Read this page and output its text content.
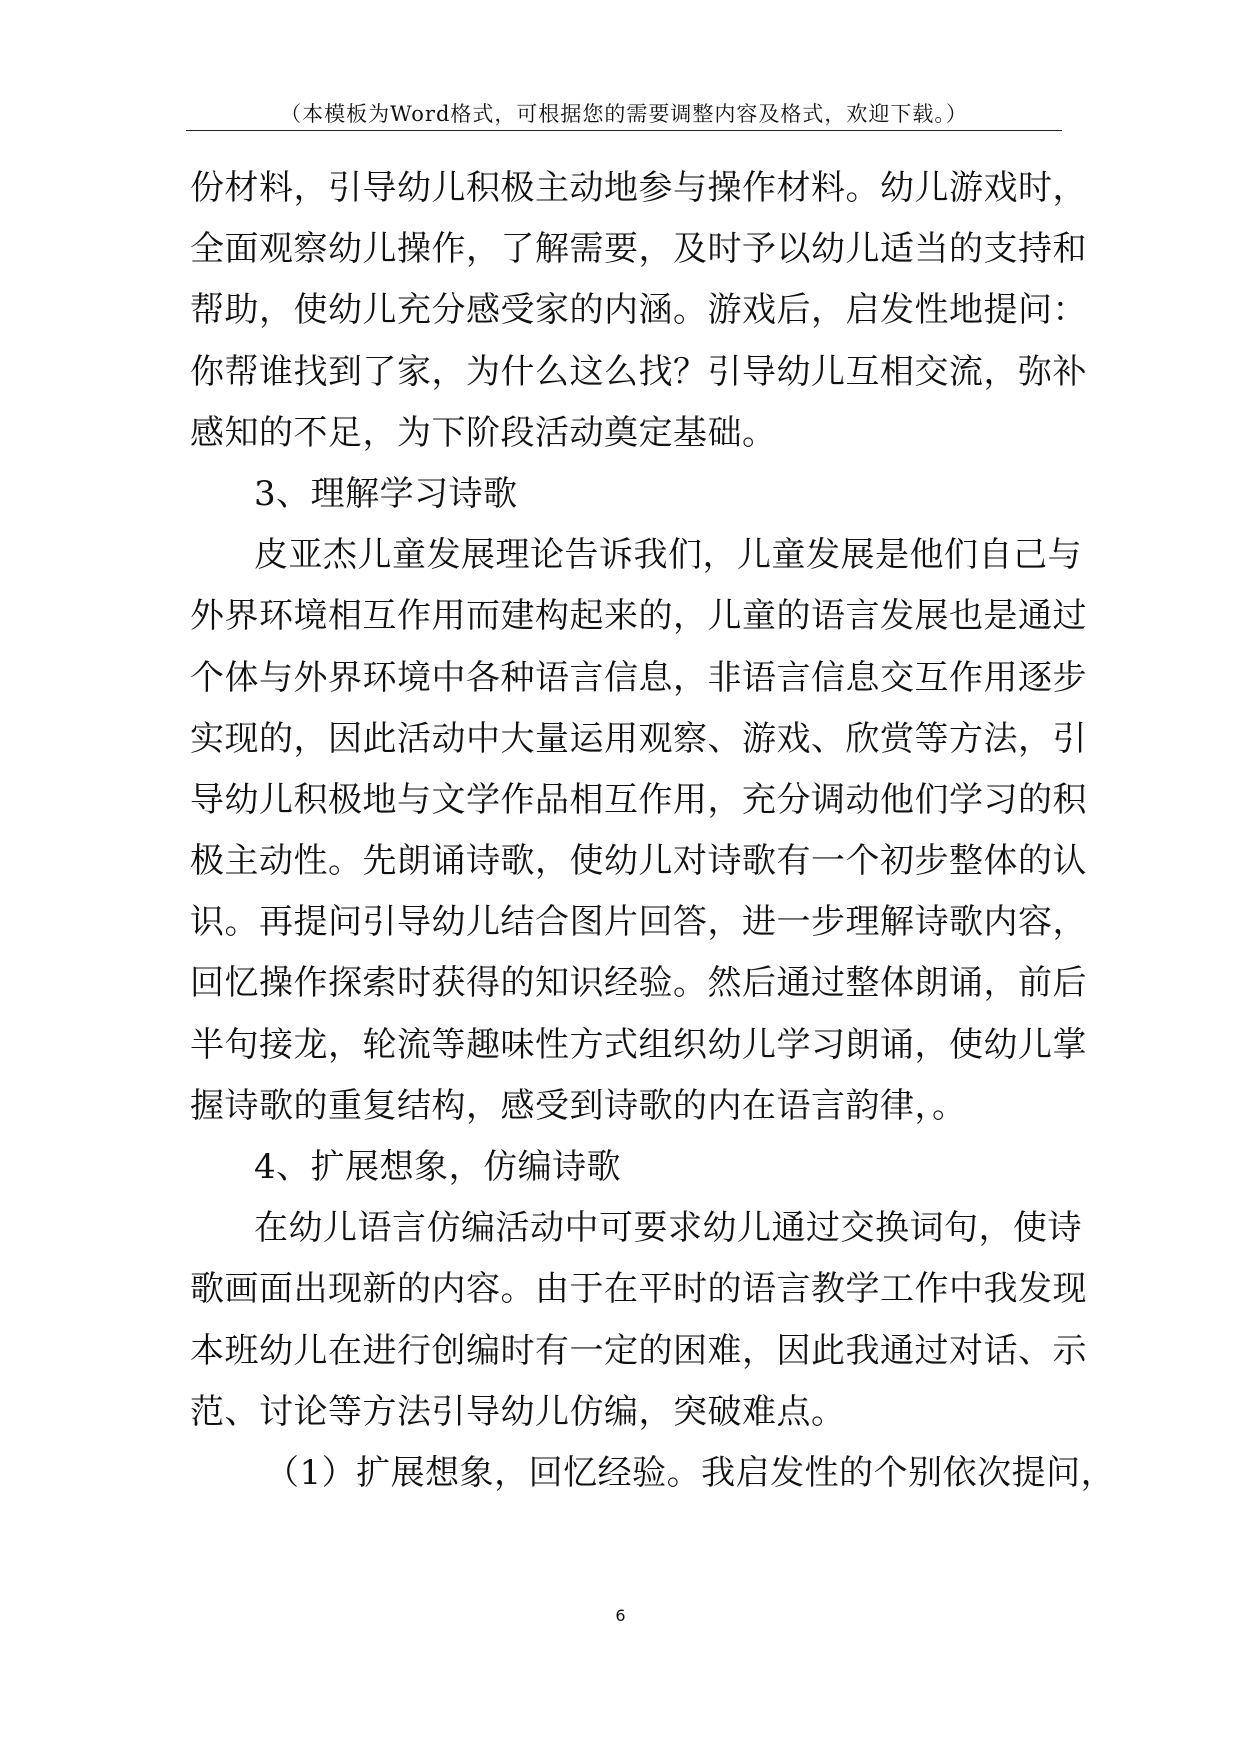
（本模板为Word格式，可根据您的需要调整内容及格式，欢迎下载。）
份材料，引导幼儿积极主动地参与操作材料。幼儿游戏时，
全面观察幼儿操作，了解需要，及时予以幼儿适当的支持和
帮助，使幼儿充分感受家的内涵。游戏后，启发性地提问：
你帮谁找到了家，为什么这么找？引导幼儿互相交流，弥补
感知的不足，为下阶段活动奠定基础。
3、理解学习诗歌
皮亚杰儿童发展理论告诉我们，儿童发展是他们自己与
外界环境相互作用而建构起来的，儿童的语言发展也是通过
个体与外界环境中各种语言信息，非语言信息交互作用逐步
实现的，因此活动中大量运用观察、游戏、欣赏等方法，引
导幼儿积极地与文学作品相互作用，充分调动他们学习的积
极主动性。先朗诵诗歌，使幼儿对诗歌有一个初步整体的认
识。再提问引导幼儿结合图片回答，进一步理解诗歌内容，
回忆操作探索时获得的知识经验。然后通过整体朗诵，前后
半句接龙，轮流等趣味性方式组织幼儿学习朗诵，使幼儿掌
握诗歌的重复结构，感受到诗歌的内在语言韵律，。
4、扩展想象，仿编诗歌
在幼儿语言仿编活动中可要求幼儿通过交换词句，使诗
歌画面出现新的内容。由于在平时的语言教学工作中我发现
本班幼儿在进行创编时有一定的困难，因此我通过对话、示
范、讨论等方法引导幼儿仿编，突破难点。
（1）扩展想象，回忆经验。我启发性的个别依次提问，
6
